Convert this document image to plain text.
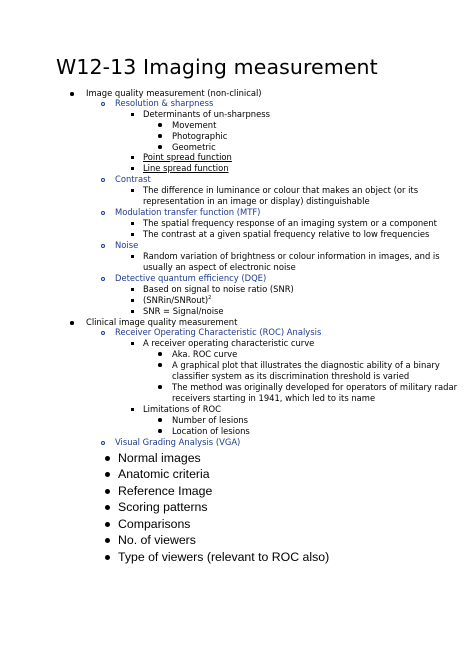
W12-13 Imaging measurement
Image quality measurement (non-clinical)
Resolution & sharpness
Determinants of un-sharpness
Movement
Photographic
Geometric
Point spread function
Line spread function
Contrast
The difference in luminance or colour that makes an object (or its
representation in an image or display) distinguishable
Modulation transfer function (MTF)
The spatial frequency response of an imaging system or a component
The contrast at a given spatial frequency relative to low frequencies
Noise
Random variation of brightness or colour information in images, and is
usually an aspect of electronic noise
Detective quantum efficiency (DQE)
Based on signal to noise ratio (SNR)
(SNRin/SNRout)$^2$
SNR = Signal/noise
Clinical image quality measurement
Receiver Operating Characteristic (ROC) Analysis
A receiver operating characteristic curve
Aka. ROC curve
A graphical plot that illustrates the diagnostic ability of a binary
classifier system as its discrimination threshold is varied
The method was originally developed for operators of military radar
receivers starting in 1941, which led to its name
Limitations of ROC
Number of lesions
Location of lesions
Visual Grading Analysis (VGA)
Normal images
Anatomic criteria
Reference Image
Scoring patterns
Comparisons
No. of viewers
Type of viewers (relevant to ROC also)
